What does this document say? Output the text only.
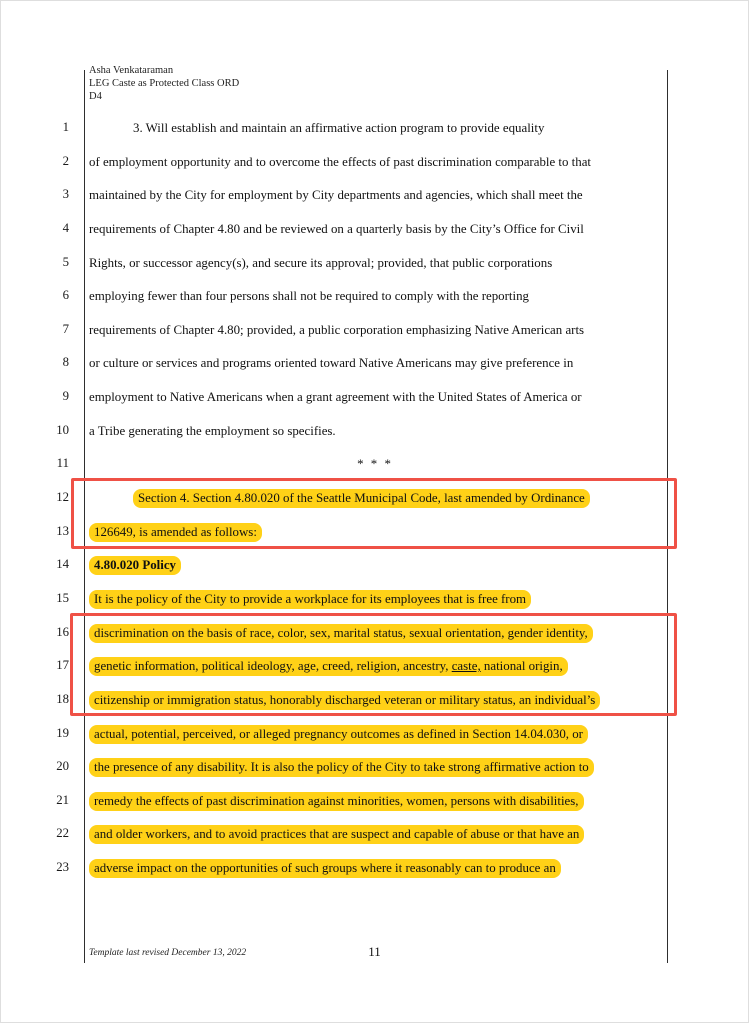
Asha Venkataraman
LEG Caste as Protected Class ORD
D4
1	3. Will establish and maintain an affirmative action program to provide equality
2 of employment opportunity and to overcome the effects of past discrimination comparable to that
3 maintained by the City for employment by City departments and agencies, which shall meet the
4 requirements of Chapter 4.80 and be reviewed on a quarterly basis by the City’s Office for Civil
5 Rights, or successor agency(s), and secure its approval; provided, that public corporations
6 employing fewer than four persons shall not be required to comply with the reporting
7 requirements of Chapter 4.80; provided, a public corporation emphasizing Native American arts
8 or culture or services and programs oriented toward Native Americans may give preference in
9 employment to Native Americans when a grant agreement with the United States of America or
10 a Tribe generating the employment so specifies.
11	* * *
12	Section 4. Section 4.80.020 of the Seattle Municipal Code, last amended by Ordinance
13	126649, is amended as follows:
14	4.80.020 Policy
15	It is the policy of the City to provide a workplace for its employees that is free from
16	discrimination on the basis of race, color, sex, marital status, sexual orientation, gender identity,
17	genetic information, political ideology, age, creed, religion, ancestry, caste, national origin,
18	citizenship or immigration status, honorably discharged veteran or military status, an individual’s
19	actual, potential, perceived, or alleged pregnancy outcomes as defined in Section 14.04.030, or
20	the presence of any disability. It is also the policy of the City to take strong affirmative action to
21	remedy the effects of past discrimination against minorities, women, persons with disabilities,
22	and older workers, and to avoid practices that are suspect and capable of abuse or that have an
23	adverse impact on the opportunities of such groups where it reasonably can to produce an
Template last revised December 13, 2022	11
